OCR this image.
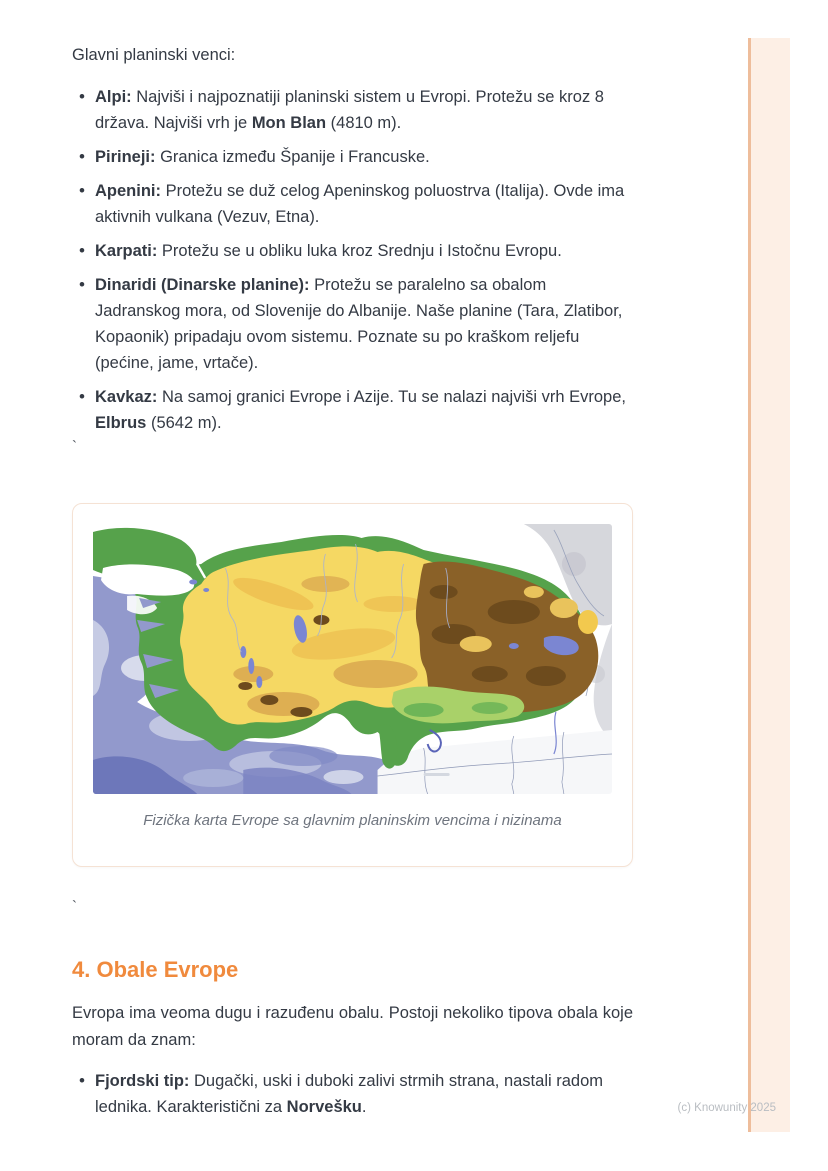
Glavni planinski venci:
• Alpi: Najviši i najpoznatiji planinski sistem u Evropi. Protežu se kroz 8 država. Najviši vrh je Mon Blan (4810 m).
• Pirineji: Granica između Španije i Francuske.
• Apenini: Protežu se duž celog Apeninskog poluostrva (Italija). Ovde ima aktivnih vulkana (Vezuv, Etna).
• Karpati: Protežu se u obliku luka kroz Srednju i Istočnu Evropu.
• Dinaridi (Dinarske planine): Protežu se paralelno sa obalom Jadranskog mora, od Slovenije do Albanije. Naše planine (Tara, Zlatibor, Kopaonik) pripadaju ovom sistemu. Poznate su po kraškom reljefu (pećine, jame, vrtače).
• Kavkaz: Na samoj granici Evrope i Azije. Tu se nalazi najviši vrh Evrope, Elbrus (5642 m).
`
Fizička karta Evrope sa glavnim planinskim vencima i nizinama
`
4. Obale Evrope
Evropa ima veoma dugu i razuđenu obalu. Postoji nekoliko tipova obala koje moram da znam:
• Fjordski tip: Dugački, uski i duboki zalivi strmih strana, nastali radom lednika. Karakteristični za Norvešku.	(c) Knowunity 2025
